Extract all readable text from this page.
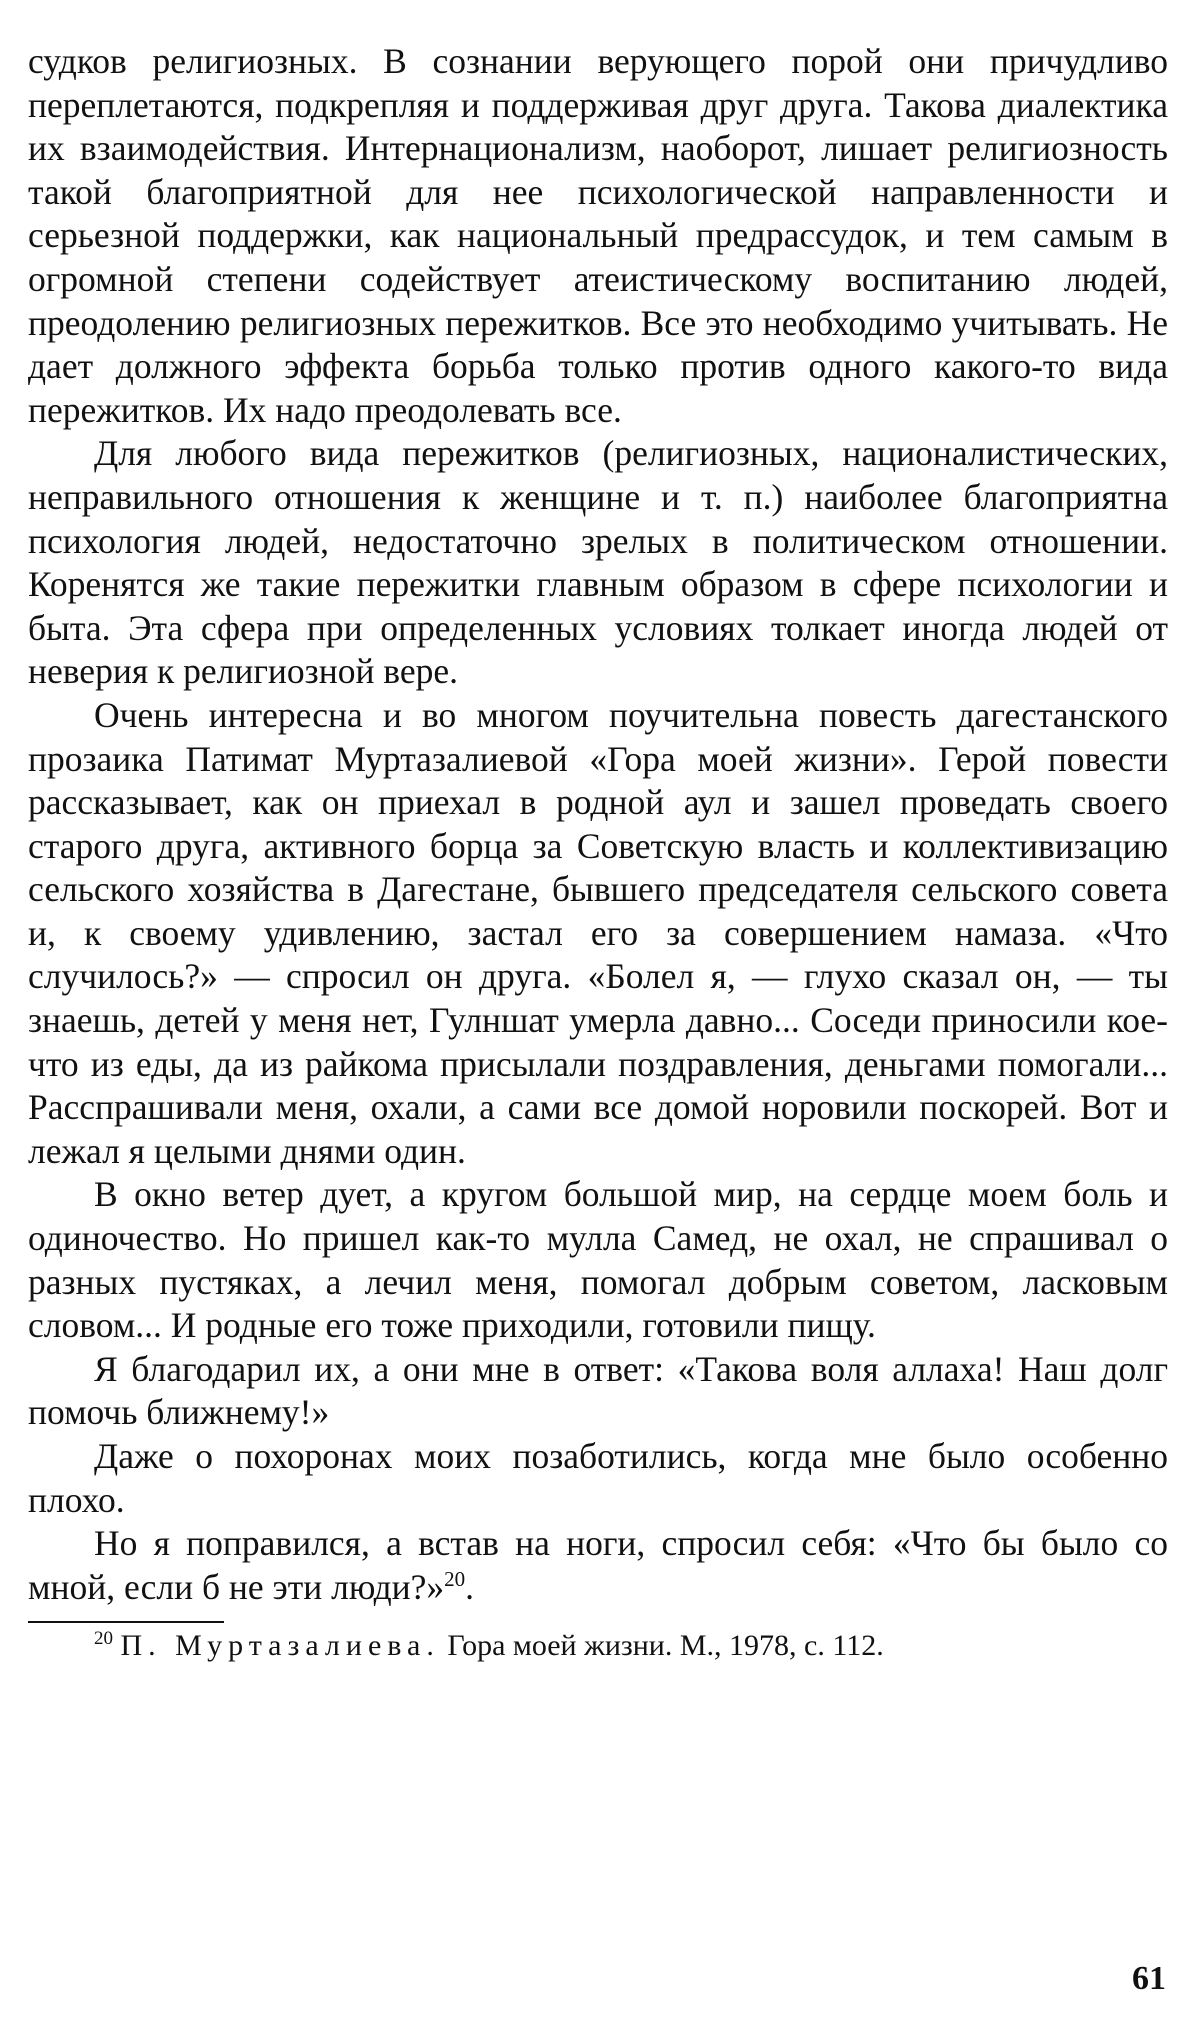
судков религиозных. В сознании верующего порой они причудливо переплетаются, подкрепляя и поддерживая друг друга. Такова диалектика их взаимодействия. Интернационализм, наоборот, лишает религиозность такой благоприятной для нее психологической направленности и серьезной поддержки, как национальный предрассудок, и тем самым в огромной степени содействует атеистическому воспитанию людей, преодолению религиозных пережитков. Все это необходимо учитывать. Не дает должного эффекта борьба только против одного какого-то вида пережитков. Их надо преодолевать все.

Для любого вида пережитков (религиозных, националистических, неправильного отношения к женщине и т. п.) наиболее благоприятна психология людей, недостаточно зрелых в политическом отношении. Коренятся же такие пережитки главным образом в сфере психологии и быта. Эта сфера при определенных условиях толкает иногда людей от неверия к религиозной вере.

Очень интересна и во многом поучительна повесть дагестанского прозаика Патимат Муртазалиевой «Гора моей жизни». Герой повести рассказывает, как он приехал в родной аул и зашел проведать своего старого друга, активного борца за Советскую власть и коллективизацию сельского хозяйства в Дагестане, бывшего председателя сельского совета и, к своему удивлению, застал его за совершением намаза. «Что случилось?» — спросил он друга. «Болел я, — глухо сказал он, — ты знаешь, детей у меня нет, Гулншат умерла давно... Соседи приносили кое-что из еды, да из райкома присылали поздравления, деньгами помогали... Расспрашивали меня, охали, а сами все домой норовили поскорей. Вот и лежал я целыми днями один.

В окно ветер дует, а кругом большой мир, на сердце моем боль и одиночество. Но пришел как-то мулла Самед, не охал, не спрашивал о разных пустяках, а лечил меня, помогал добрым советом, ласковым словом... И родные его тоже приходили, готовили пищу.

Я благодарил их, а они мне в ответ: «Такова воля аллаха! Наш долг помочь ближнему!»

Даже о похоронах моих позаботились, когда мне было особенно плохо.

Но я поправился, а встав на ноги, спросил себя: «Что бы было со мной, если б не эти люди?»$^{20}$.

$^{20}$ П. Муртазалиева. Гора моей жизни. М., 1978, с. 112.

61
